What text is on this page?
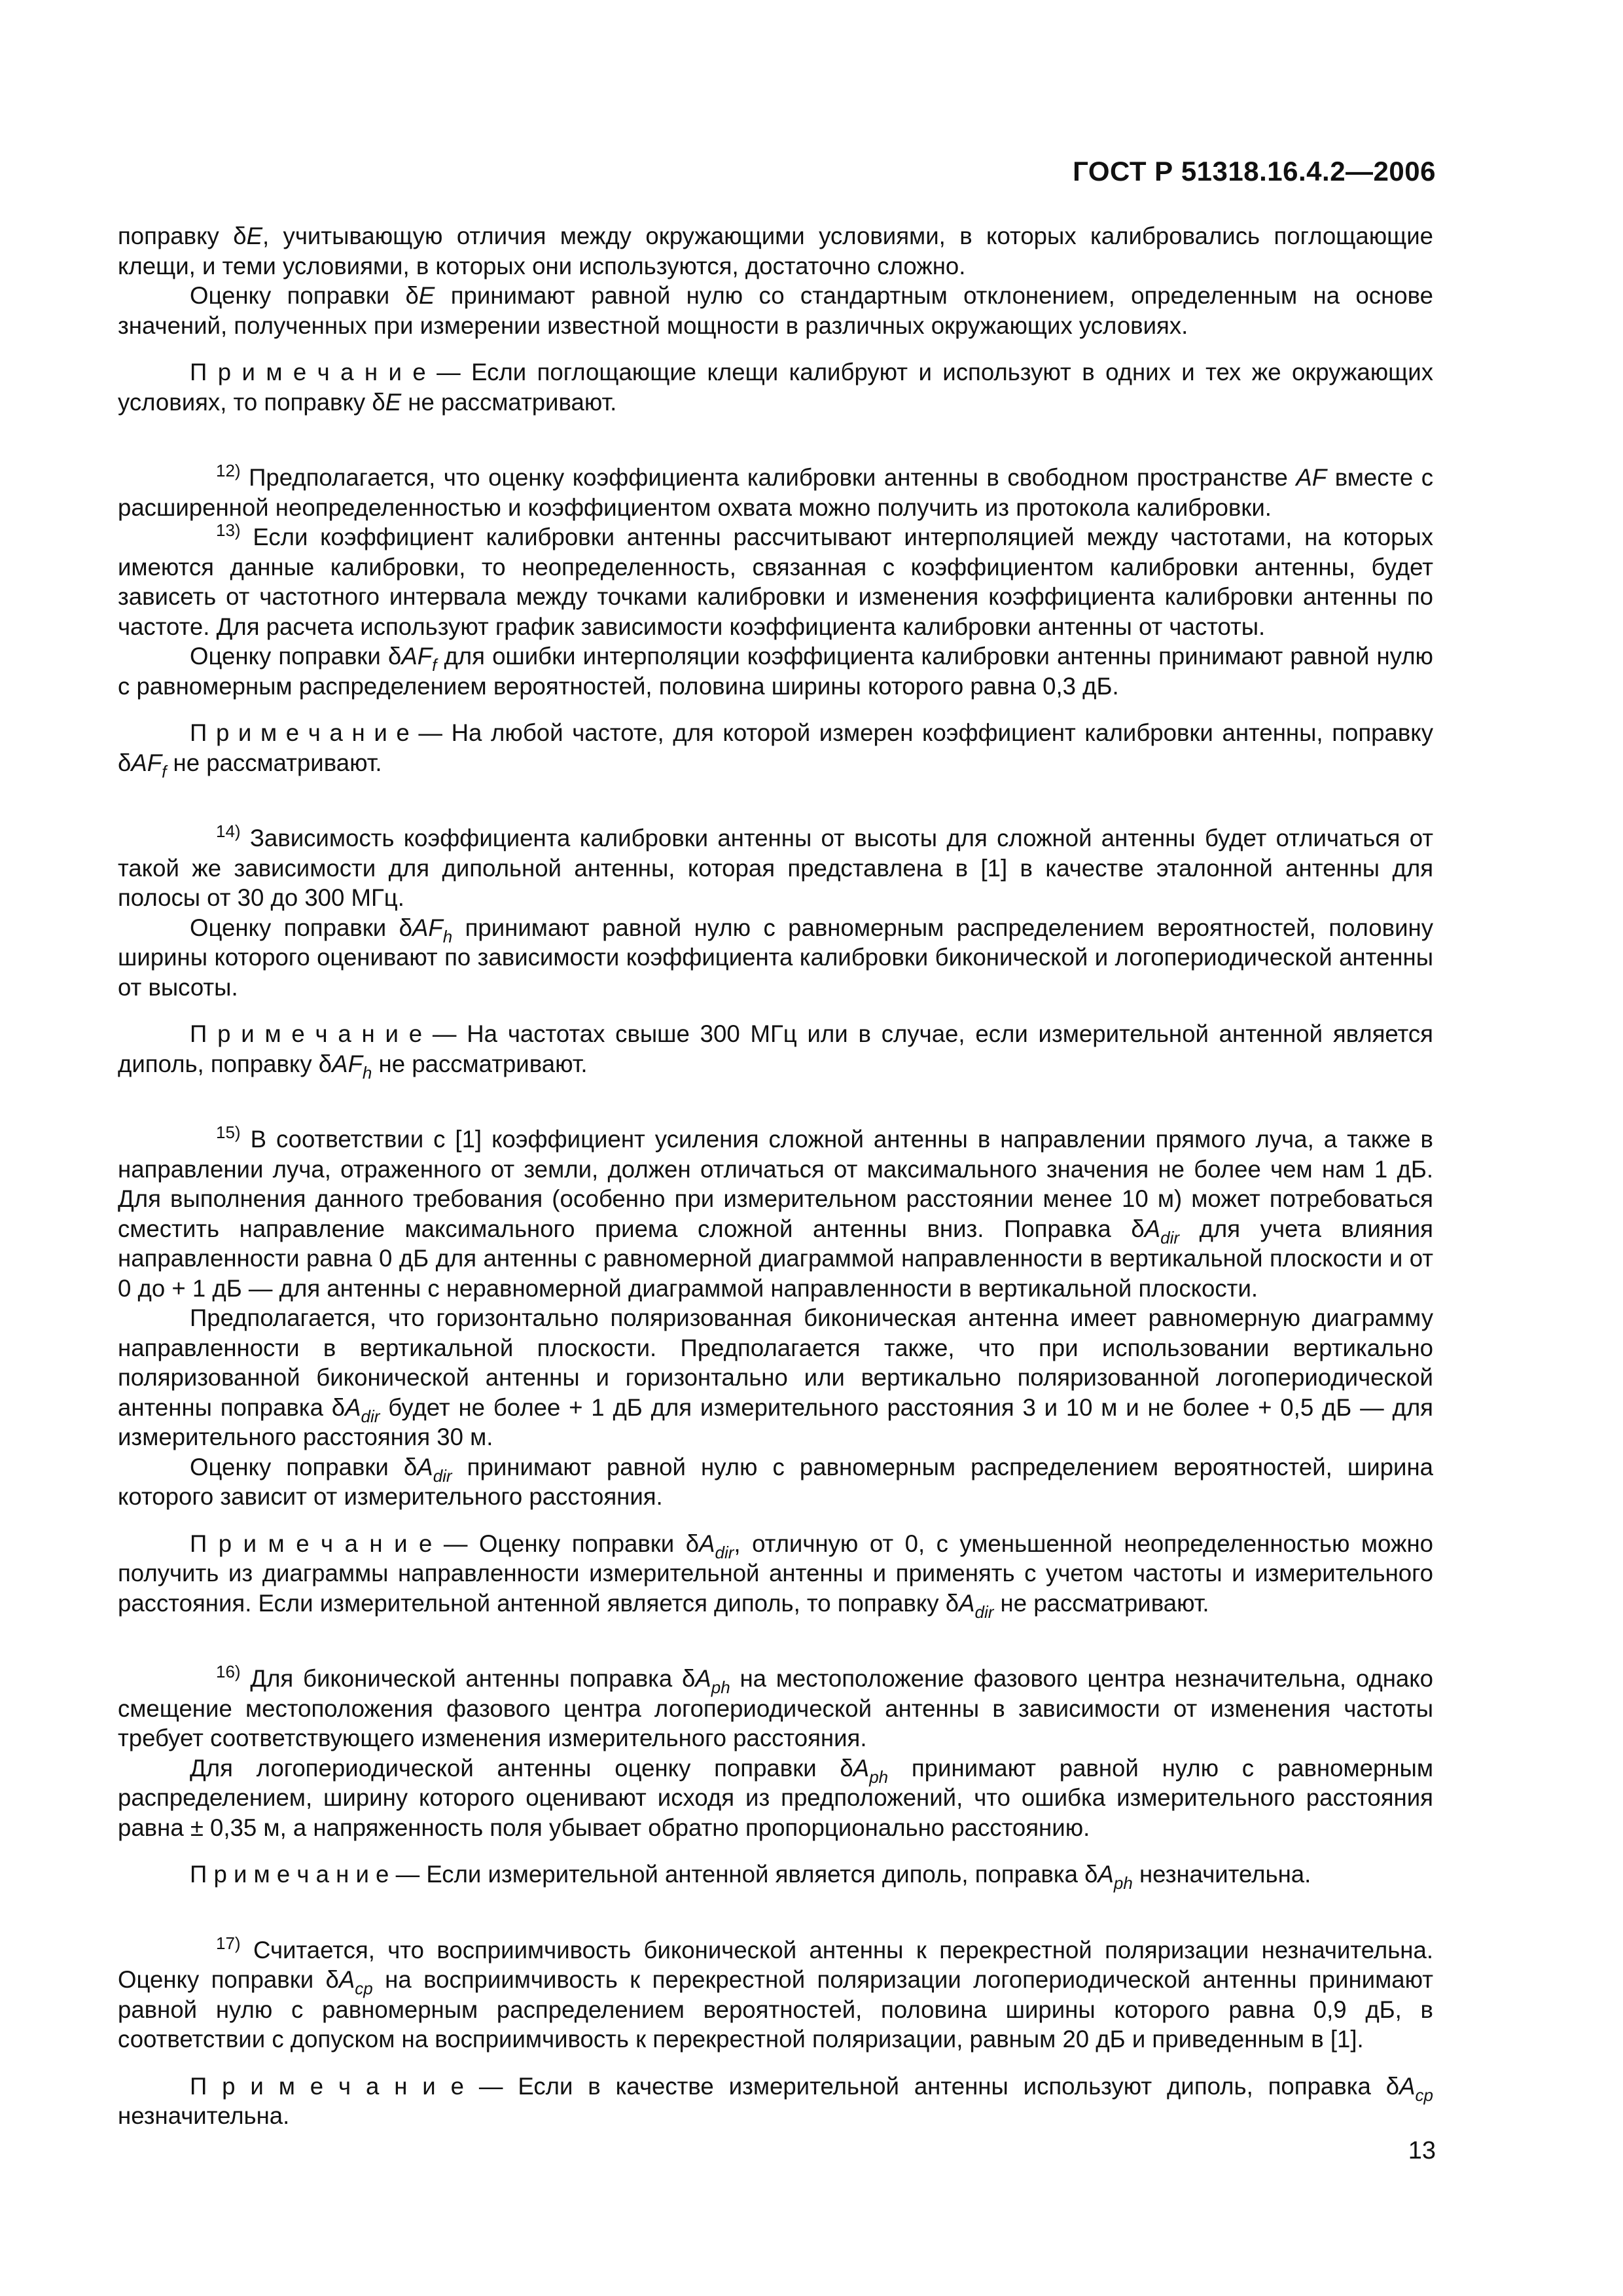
ГОСТ Р 51318.16.4.2—2006

поправку δE, учитывающую отличия между окружающими условиями, в которых калибровались поглощающие клещи, и теми условиями, в которых они используются, достаточно сложно.

Оценку поправки δE принимают равной нулю со стандартным отклонением, определенным на основе значений, полученных при измерении известной мощности в различных окружающих условиях.

П р и м е ч а н и е — Если поглощающие клещи калибруют и используют в одних и тех же окружающих условиях, то поправку δE не рассматривают.

$^{12)}$ Предполагается, что оценку коэффициента калибровки антенны в свободном пространстве AF вместе с расширенной неопределенностью и коэффициентом охвата можно получить из протокола калибровки.

$^{13)}$ Если коэффициент калибровки антенны рассчитывают интерполяцией между частотами, на которых имеются данные калибровки, то неопределенность, связанная с коэффициентом калибровки антенны, будет зависеть от частотного интервала между точками калибровки и изменения коэффициента калибровки антенны по частоте. Для расчета используют график зависимости коэффициента калибровки антенны от частоты.

Оценку поправки δAF$_f$ для ошибки интерполяции коэффициента калибровки антенны принимают равной нулю с равномерным распределением вероятностей, половина ширины которого равна 0,3 дБ.

П р и м е ч а н и е — На любой частоте, для которой измерен коэффициент калибровки антенны, поправку δAF$_f$ не рассматривают.

$^{14)}$ Зависимость коэффициента калибровки антенны от высоты для сложной антенны будет отличаться от такой же зависимости для дипольной антенны, которая представлена в [1] в качестве эталонной антенны для полосы от 30 до 300 МГц.

Оценку поправки δAF$_h$ принимают равной нулю с равномерным распределением вероятностей, половину ширины которого оценивают по зависимости коэффициента калибровки биконической и логопериодической антенны от высоты.

П р и м е ч а н и е — На частотах свыше 300 МГц или в случае, если измерительной антенной является диполь, поправку δAF$_h$ не рассматривают.

$^{15)}$ В соответствии с [1] коэффициент усиления сложной антенны в направлении прямого луча, а также в направлении луча, отраженного от земли, должен отличаться от максимального значения не более чем нам 1 дБ. Для выполнения данного требования (особенно при измерительном расстоянии менее 10 м) может потребоваться сместить направление максимального приема сложной антенны вниз. Поправка $\delta A_{dir}$ для учета влияния направленности равна 0 дБ для антенны с равномерной диаграммой направленности в вертикальной плоскости и от 0 до + 1 дБ — для антенны с неравномерной диаграммой направленности в вертикальной плоскости.

Предполагается, что горизонтально поляризованная биконическая антенна имеет равномерную диаграмму направленности в вертикальной плоскости. Предполагается также, что при использовании вертикально поляризованной биконической антенны и горизонтально или вертикально поляризованной логопериодической антенны поправка $\delta A_{dir}$ будет не более + 1 дБ для измерительного расстояния 3 и 10 м и не более + 0,5 дБ — для измерительного расстояния 30 м.

Оценку поправки $\delta A_{dir}$ принимают равной нулю с равномерным распределением вероятностей, ширина которого зависит от измерительного расстояния.

П р и м е ч а н и е — Оценку поправки $\delta A_{dir}$, отличную от 0, с уменьшенной неопределенностью можно получить из диаграммы направленности измерительной антенны и применять с учетом частоты и измерительного расстояния. Если измерительной антенной является диполь, то поправку $\delta A_{dir}$ не рассматривают.

$^{16)}$ Для биконической антенны поправка $\delta A_{ph}$ на местоположение фазового центра незначительна, однако смещение местоположения фазового центра логопериодической антенны в зависимости от изменения частоты требует соответствующего изменения измерительного расстояния.

Для логопериодической антенны оценку поправки $\delta A_{ph}$ принимают равной нулю с равномерным распределением, ширину которого оценивают исходя из предположений, что ошибка измерительного расстояния равна ± 0,35 м, а напряженность поля убывает обратно пропорционально расстоянию.

П р и м е ч а н и е — Если измерительной антенной является диполь, поправка $\delta A_{ph}$ незначительна.

$^{17)}$ Считается, что восприимчивость биконической антенны к перекрестной поляризации незначительна. Оценку поправки $\delta A_{cp}$ на восприимчивость к перекрестной поляризации логопериодической антенны принимают равной нулю с равномерным распределением вероятностей, половина ширины которого равна 0,9 дБ, в соответствии с допуском на восприимчивость к перекрестной поляризации, равным 20 дБ и приведенным в [1].

П р и м е ч а н и е — Если в качестве измерительной антенны используют диполь, поправка $\delta A_{cp}$ незначительна.

13
